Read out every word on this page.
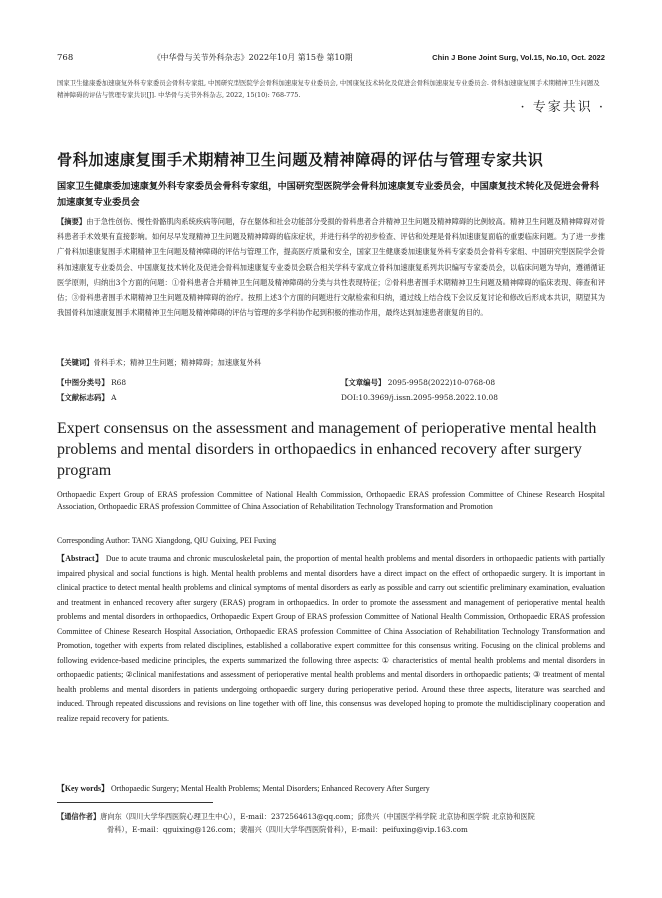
768	《中华骨与关节外科杂志》2022年10月 第15卷 第10期	Chin J Bone Joint Surg, Vol.15, No.10, Oct. 2022
国家卫生健康委加速康复外科专家委员会骨科专家组, 中国研究型医院学会骨科加速康复专业委员会, 中国康复技术转化及促进会骨科加速康复专业委员会. 骨科加速康复围手术期精神卫生问题及精神障碍的评估与管理专家共识[J]. 中华骨与关节外科杂志, 2022, 15(10): 768-775.
· 专家共识 ·
骨科加速康复围手术期精神卫生问题及精神障碍的评估与管理专家共识
国家卫生健康委加速康复外科专家委员会骨科专家组，中国研究型医院学会骨科加速康复专业委员会，中国康复技术转化及促进会骨科加速康复专业委员会
【摘要】由于急性创伤、慢性骨骼肌肉系统疾病等问题，存在躯体和社会功能部分受损的骨科患者合并精神卫生问题及精神障碍的比例较高。精神卫生问题及精神障碍对骨科患者手术效果有直接影响。如何尽早发现精神卫生问题及精神障碍的临床症状，并进行科学的初步检查、评估和处理是骨科加速康复面临的重要临床问题。为了进一步推广骨科加速康复围手术期精神卫生问题及精神障碍的评估与管理工作，提高医疗质量和安全，国家卫生健康委加速康复外科专家委员会骨科专家组、中国研究型医院学会骨科加速康复专业委员会、中国康复技术转化及促进会骨科加速康复专业委员会联合相关学科专家成立骨科加速康复系列共识编写专家委员会，以临床问题为导向，遵循循证医学原则，归纳出3个方面的问题：①骨科患者合并精神卫生问题及精神障碍的分类与共性表现特征；②骨科患者围手术期精神卫生问题及精神障碍的临床表现、筛查和评估；③骨科患者围手术期精神卫生问题及精神障碍的治疗。按照上述3个方面的问题进行文献检索和归纳，通过线上结合线下会议反复讨论和修改后形成本共识，期望其为我国骨科加速康复围手术期精神卫生问题及精神障碍的评估与管理的多学科协作起到积极的推动作用，最终达到加速患者康复的目的。
【关键词】骨科手术；精神卫生问题；精神障碍；加速康复外科
【中图分类号】 R68	【文章编号】 2095-9958(2022)10-0768-08
【文献标志码】 A	DOI:10.3969/j.issn.2095-9958.2022.10.08
Expert consensus on the assessment and management of perioperative mental health problems and mental disorders in orthopaedics in enhanced recovery after surgery program
Orthopaedic Expert Group of ERAS profession Committee of National Health Commission, Orthopaedic ERAS profession Committee of Chinese Research Hospital Association, Orthopaedic ERAS profession Committee of China Association of Rehabilitation Technology Transformation and Promotion
Corresponding Author: TANG Xiangdong, QIU Guixing, PEI Fuxing
【Abstract】 Due to acute trauma and chronic musculoskeletal pain, the proportion of mental health problems and mental disorders in orthopaedic patients with partially impaired physical and social functions is high. Mental health problems and mental disorders have a direct impact on the effect of orthopaedic surgery. It is important in clinical practice to detect mental health problems and clinical symptoms of mental disorders as early as possible and carry out scientific preliminary examination, evaluation and treatment in enhanced recovery after surgery (ERAS) program in orthopaedics. In order to promote the assessment and management of perioperative mental health problems and mental disorders in orthopaedics, Orthopaedic Expert Group of ERAS profession Committee of National Health Commission, Orthopaedic ERAS profession Committee of Chinese Research Hospital Association, Orthopaedic ERAS profession Committee of China Association of Rehabilitation Technology Transformation and Promotion, together with experts from related disciplines, established a collaborative expert committee for this consensus writing. Focusing on the clinical problems and following evidence-based medicine principles, the experts summarized the following three aspects: ① characteristics of mental health problems and mental disorders in orthopaedic patients; ②clinical manifestations and assessment of perioperative mental health problems and mental disorders in orthopaedic patients; ③ treatment of mental health problems and mental disorders in patients undergoing orthopaedic surgery during perioperative period. Around these three aspects, literature was searched and induced. Through repeated discussions and revisions on line together with off line, this consensus was developed hoping to promote the multidisciplinary cooperation and realize repaid recovery for patients.
【Key words】 Orthopaedic Surgery; Mental Health Problems; Mental Disorders; Enhanced Recovery After Surgery
【通信作者】唐向东（四川大学华西医院心理卫生中心），E-mail：2372564613@qq.com；邱贵兴（中国医学科学院 北京协和医学院 北京协和医院
骨科），E-mail：qguixing@126.com；裴福兴（四川大学华西医院骨科），E-mail：peifuxing@vip.163.com
